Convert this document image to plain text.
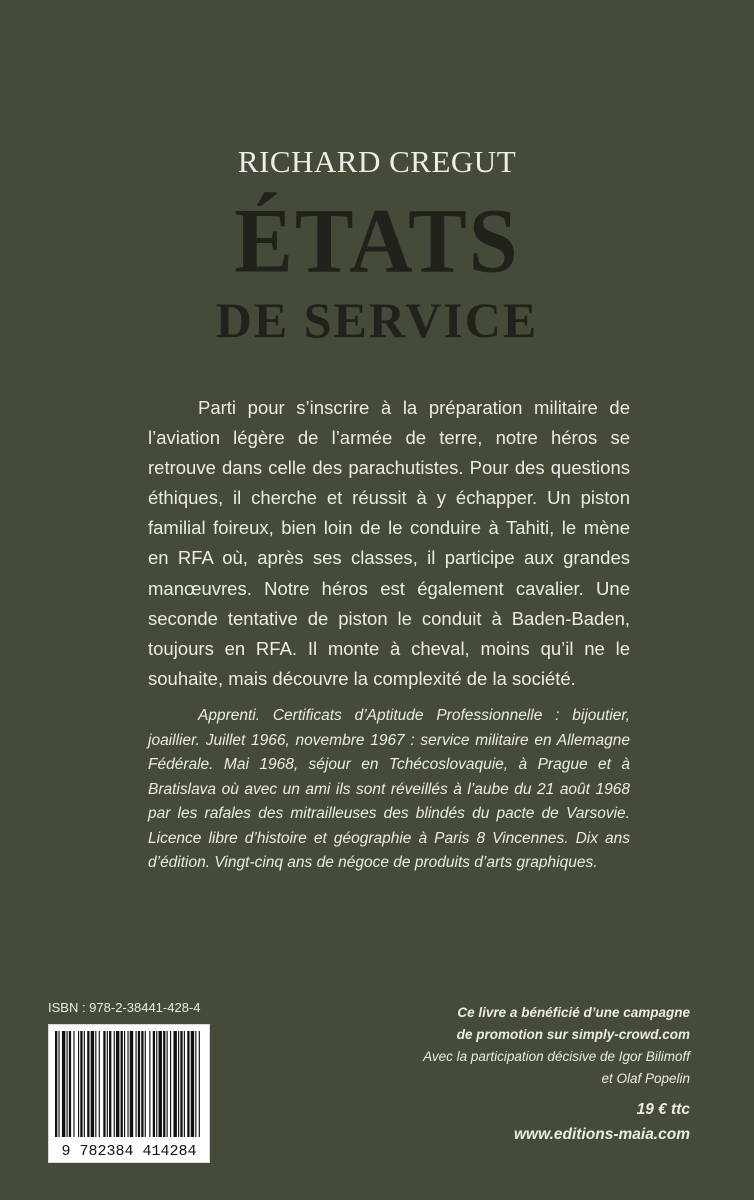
RICHARD CREGUT
ÉTATS
DE SERVICE

Parti pour s’inscrire à la préparation militaire de l’aviation légère de l’armée de terre, notre héros se retrouve dans celle des parachutistes. Pour des questions éthiques, il cherche et réussit à y échapper. Un piston familial foireux, bien loin de le conduire à Tahiti, le mène en RFA où, après ses classes, il participe aux grandes manœuvres. Notre héros est également cavalier. Une seconde tentative de piston le conduit à Baden-Baden, toujours en RFA. Il monte à cheval, moins qu’il ne le souhaite, mais découvre la complexité de la société.

Apprenti. Certificats d’Aptitude Professionnelle : bijoutier, joaillier. Juillet 1966, novembre 1967 : service militaire en Allemagne Fédérale. Mai 1968, séjour en Tchécoslovaquie, à Prague et à Bratislava où avec un ami ils sont réveillés à l’aube du 21 août 1968 par les rafales des mitrailleuses des blindés du pacte de Varsovie. Licence libre d’histoire et géographie à Paris 8 Vincennes. Dix ans d’édition. Vingt-cinq ans de négoce de produits d’arts graphiques.

ISBN : 978-2-38441-428-4
9 782384 414284
Ce livre a bénéficié d’une campagne
de promotion sur simply-crowd.com
Avec la participation décisive de Igor Bilimoff
et Olaf Popelin
19 € ttc
www.editions-maia.com
